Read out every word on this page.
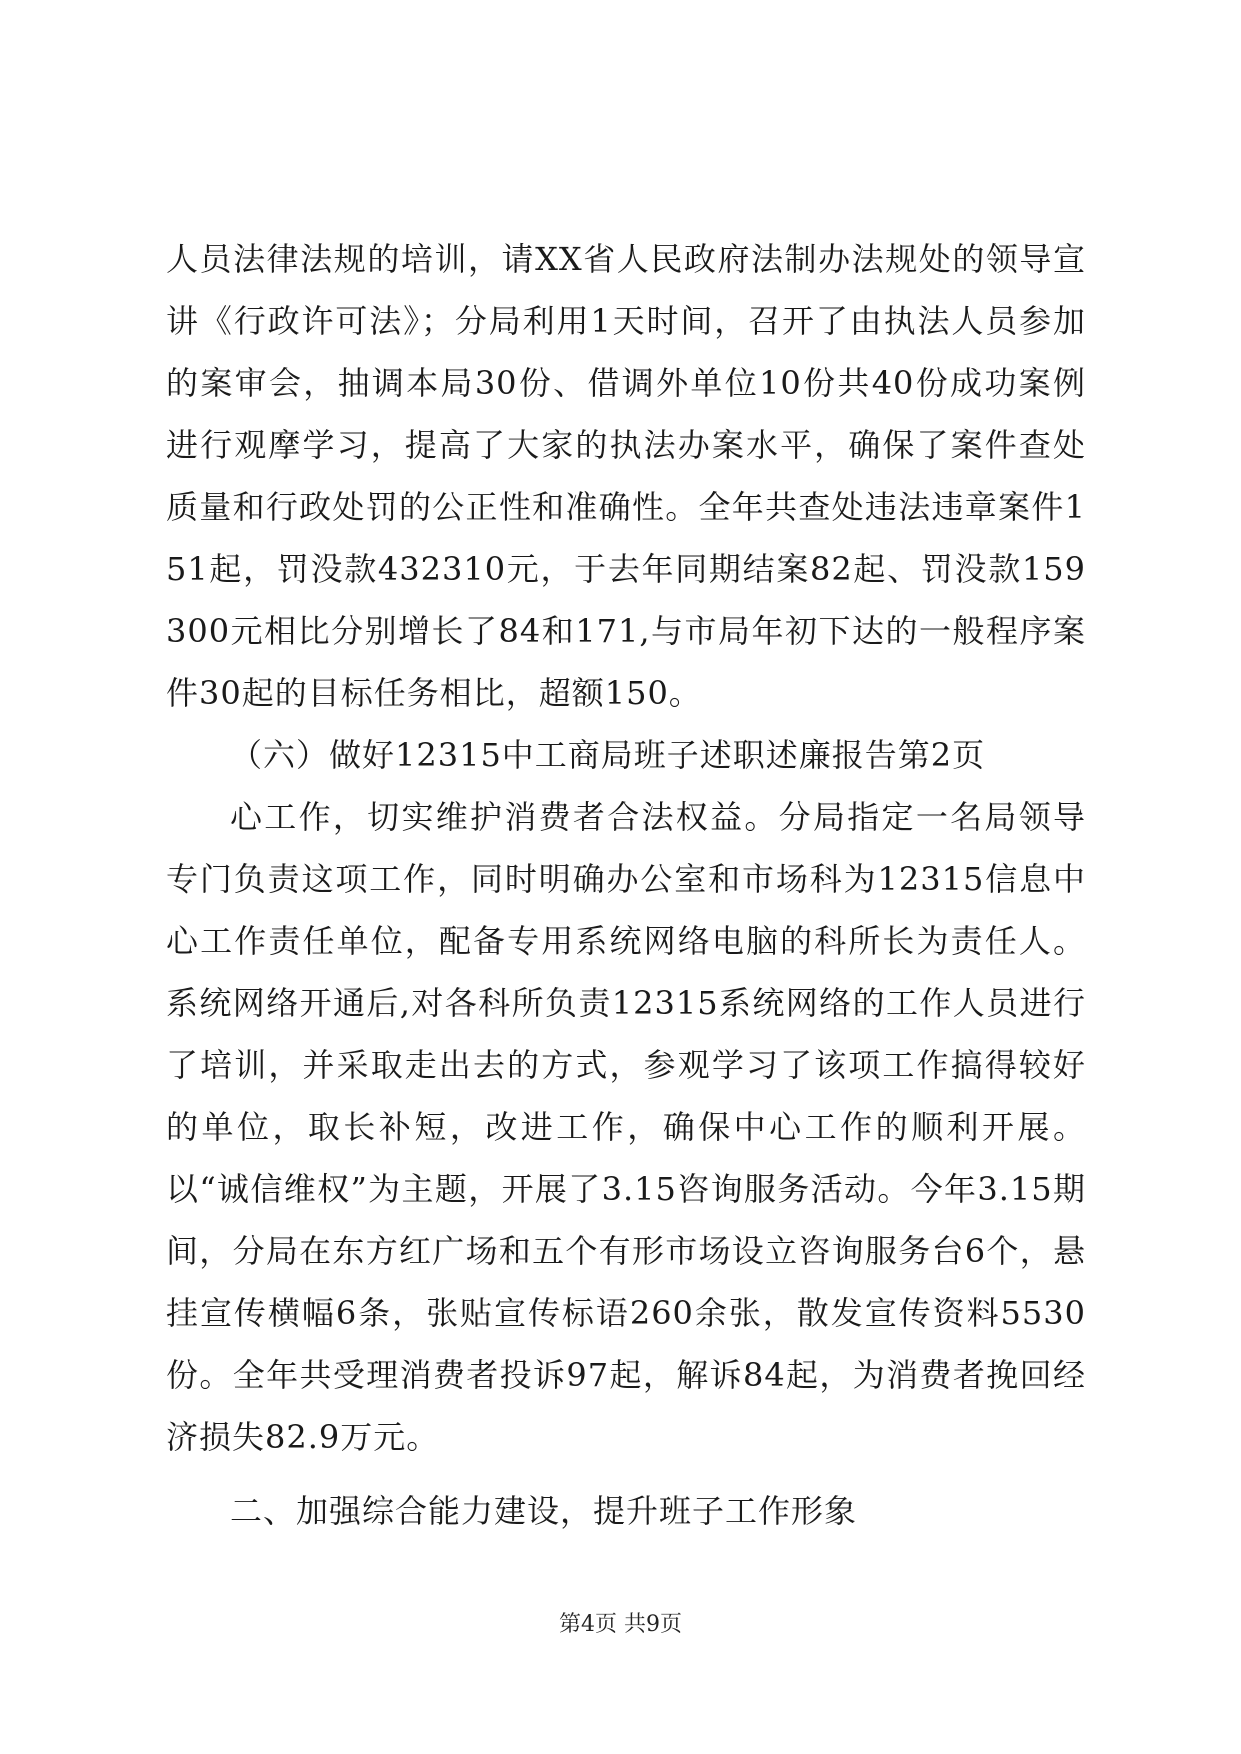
人员法律法规的培训，请XX省人民政府法制办法规处的领导宣讲《行政许可法》；分局利用1天时间，召开了由执法人员参加的案审会，抽调本局30份、借调外单位10份共40份成功案例进行观摩学习，提高了大家的执法办案水平，确保了案件查处质量和行政处罚的公正性和准确性。全年共查处违法违章案件151起，罚没款432310元，于去年同期结案82起、罚没款159300元相比分别增长了84和171,与市局年初下达的一般程序案件30起的目标任务相比，超额150。

（六）做好12315中工商局班子述职述廉报告第2页

心工作，切实维护消费者合法权益。分局指定一名局领导专门负责这项工作，同时明确办公室和市场科为12315信息中心工作责任单位，配备专用系统网络电脑的科所长为责任人。系统网络开通后,对各科所负责12315系统网络的工作人员进行了培训，并采取走出去的方式，参观学习了该项工作搞得较好的单位，取长补短，改进工作，确保中心工作的顺利开展。以“诚信维权”为主题，开展了3.15咨询服务活动。今年3.15期间，分局在东方红广场和五个有形市场设立咨询服务台6个，悬挂宣传横幅6条，张贴宣传标语260余张，散发宣传资料5530份。全年共受理消费者投诉97起，解诉84起，为消费者挽回经济损失82.9万元。

二、加强综合能力建设，提升班子工作形象

第4页 共9页
